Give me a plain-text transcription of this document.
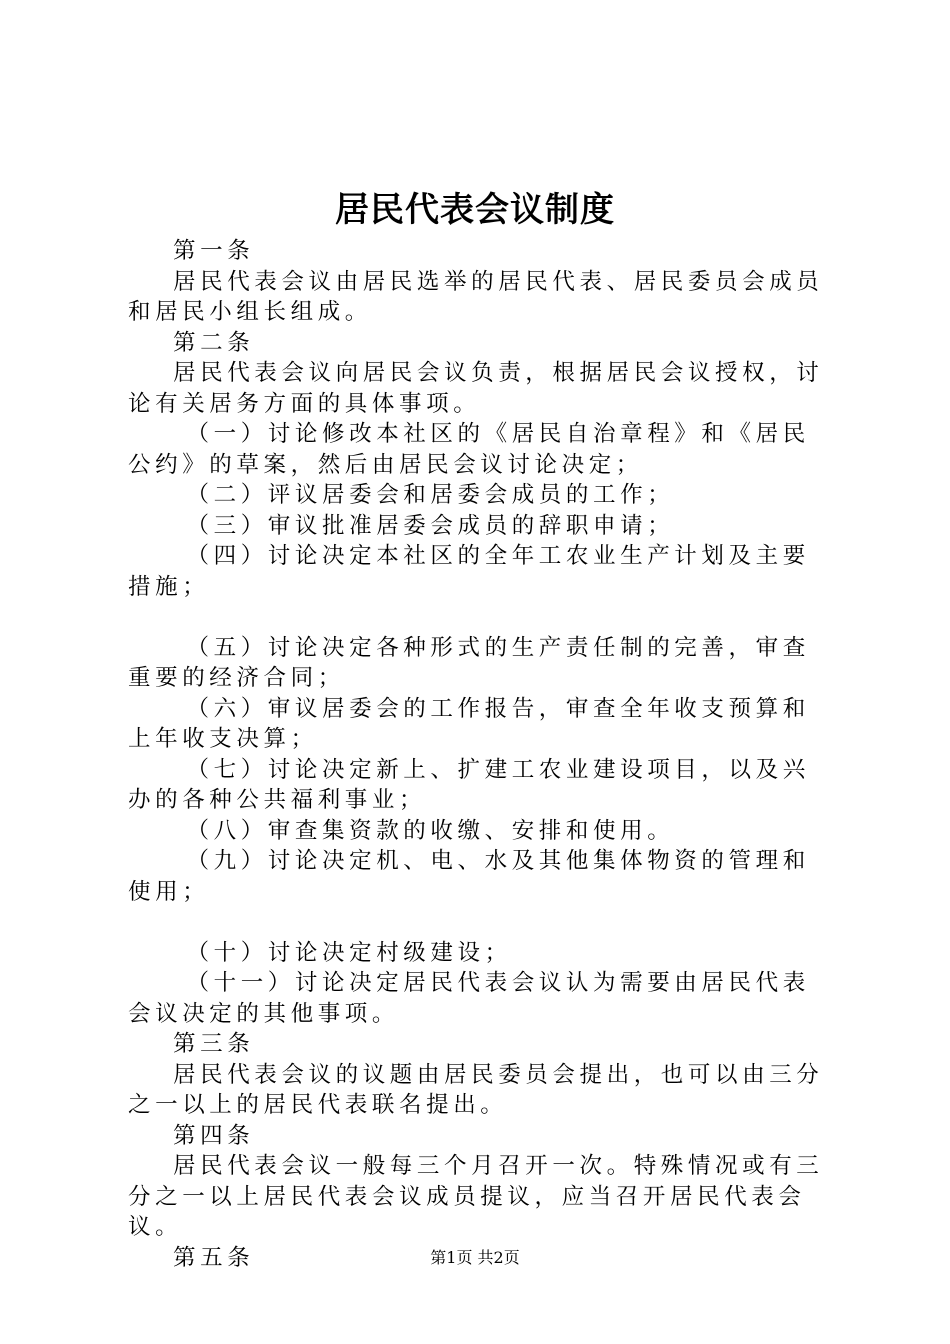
居民代表会议制度

第一条

居民代表会议由居民选举的居民代表、居民委员会成员和居民小组长组成。

第二条

居民代表会议向居民会议负责，根据居民会议授权，讨论有关居务方面的具体事项。

（一）讨论修改本社区的《居民自治章程》和《居民公约》的草案，然后由居民会议讨论决定；

（二）评议居委会和居委会成员的工作；

（三）审议批准居委会成员的辞职申请；

（四）讨论决定本社区的全年工农业生产计划及主要措施；

（五）讨论决定各种形式的生产责任制的完善，审查重要的经济合同；

（六）审议居委会的工作报告，审查全年收支预算和上年收支决算；

（七）讨论决定新上、扩建工农业建设项目，以及兴办的各种公共福利事业；

（八）审查集资款的收缴、安排和使用。

（九）讨论决定机、电、水及其他集体物资的管理和使用；

（十）讨论决定村级建设；

（十一）讨论决定居民代表会议认为需要由居民代表会议决定的其他事项。

第三条

居民代表会议的议题由居民委员会提出，也可以由三分之一以上的居民代表联名提出。

第四条

居民代表会议一般每三个月召开一次。特殊情况或有三分之一以上居民代表会议成员提议，应当召开居民代表会议。

第五条	第1页 共2页
